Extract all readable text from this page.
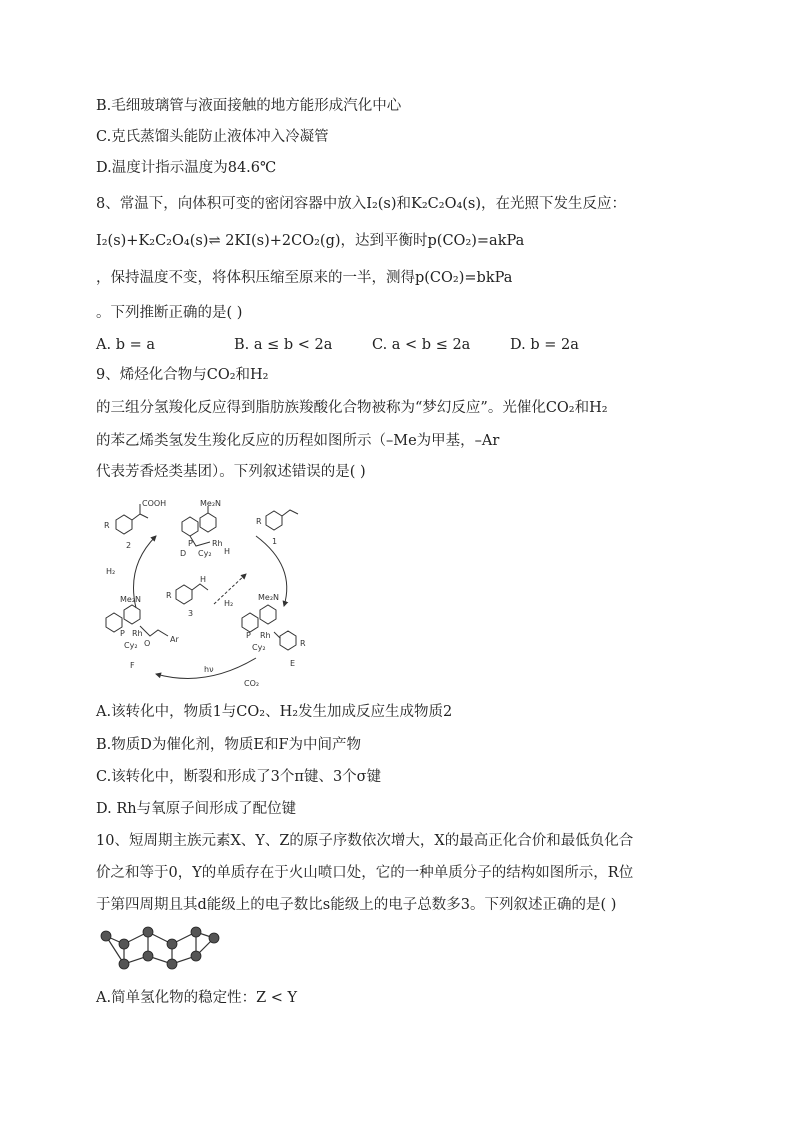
B.毛细玻璃管与液面接触的地方能形成汽化中心
C.克氏蒸馏头能防止液体冲入冷凝管
D.温度计指示温度为84.6℃
8、常温下，向体积可变的密闭容器中放入I₂(s)和K₂C₂O₄(s)，在光照下发生反应：
I₂(s)+K₂C₂O₄(s)⇌ 2KI(s)+2CO₂(g)，达到平衡时p(CO₂)=akPa
，保持温度不变，将体积压缩至原来的一半，测得p(CO₂)=bkPa
。下列推断正确的是( )
A. b = a	B. a ≤ b < 2a	C. a < b ≤ 2a	D. b = 2a
9、烯烃化合物与CO₂和H₂
的三组分氢羧化反应得到脂肪族羧酸化合物被称为“梦幻反应”。光催化CO₂和H₂
的苯乙烯类氢发生羧化反应的历程如图所示（–Me为甲基，–Ar
代表芳香烃类基团）。下列叙述错误的是( )
COOH
R
2
Me₂N
P Rh
H
Cy₂
D
R
1
H₂
R
H
3
H₂
Me₂N
P Rh
Cy₂ O Ar
F
Me₂N
P Rh
Cy₂	R
E
hν
CO₂
A.该转化中，物质1与CO₂、H₂发生加成反应生成物质2
B.物质D为催化剂，物质E和F为中间产物
C.该转化中，断裂和形成了3个π键、3个σ键
D. Rh与氧原子间形成了配位键
10、短周期主族元素X、Y、Z的原子序数依次增大，X的最高正化合价和最低负化合
价之和等于0，Y的单质存在于火山喷口处，它的一种单质分子的结构如图所示，R位
于第四周期且其d能级上的电子数比s能级上的电子总数多3。下列叙述正确的是( )
A.简单氢化物的稳定性：Z < Y
